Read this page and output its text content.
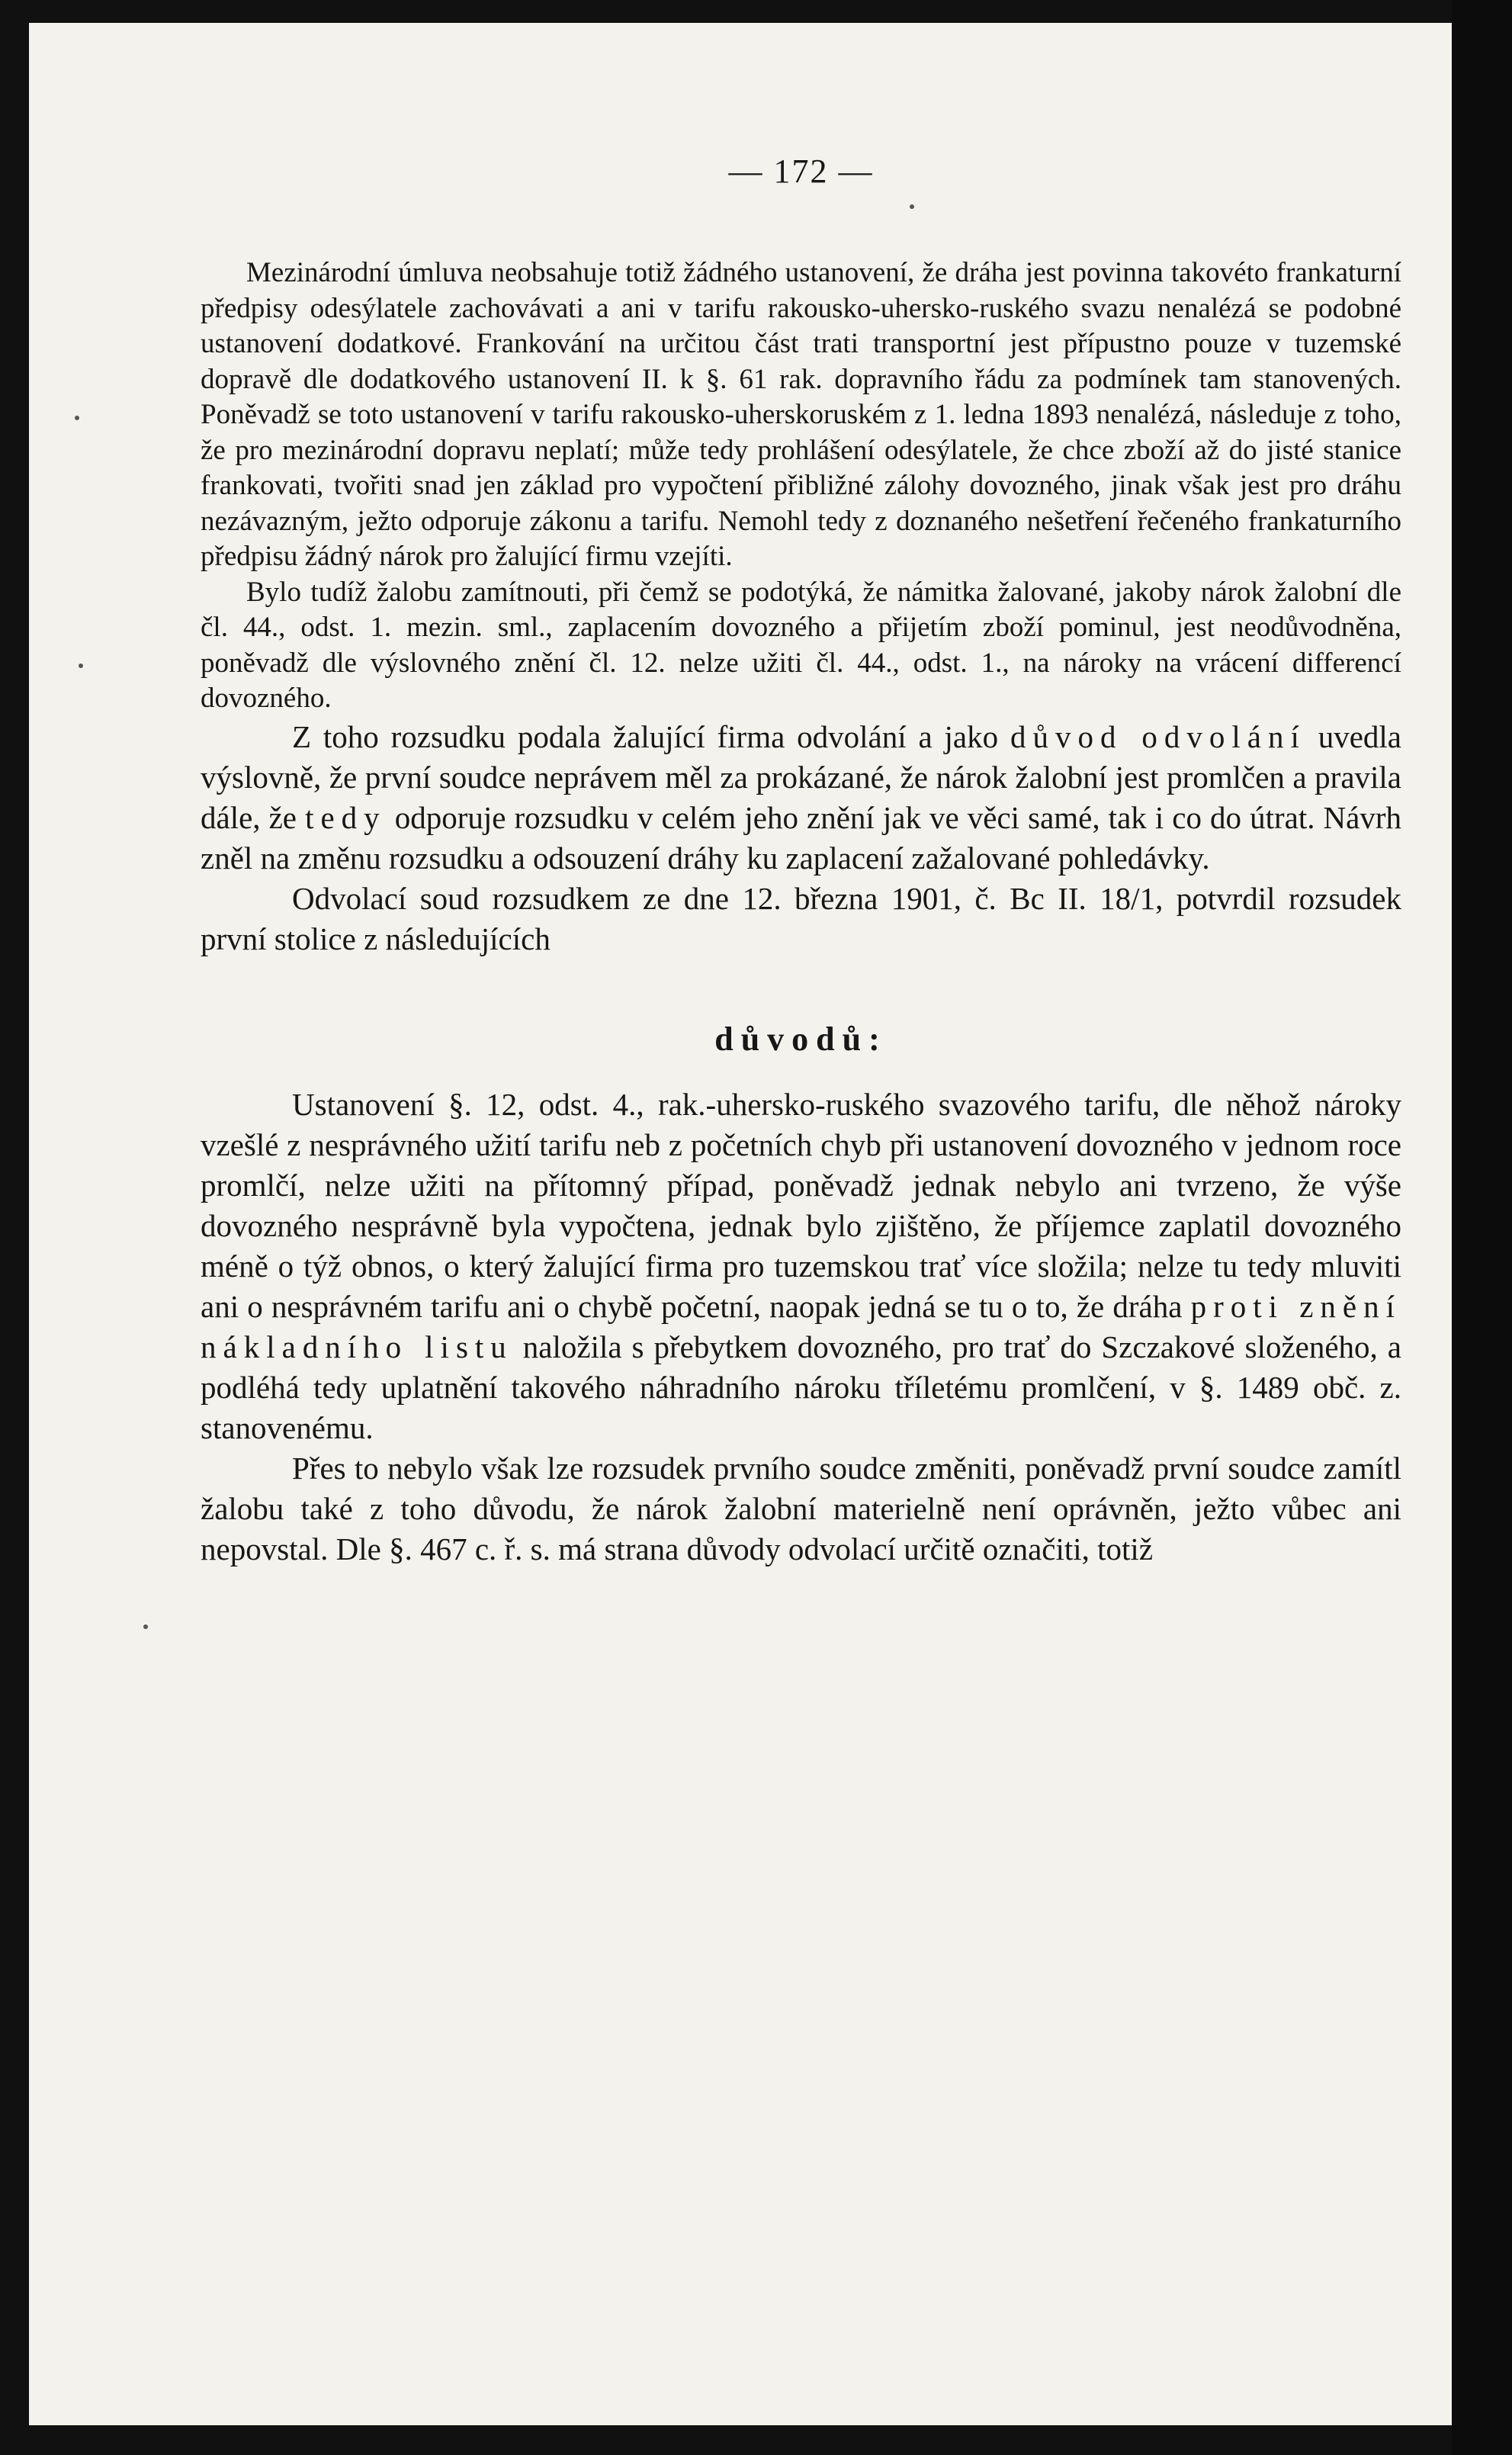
— 172 —

Mezinárodní úmluva neobsahuje totiž žádného ustanovení, že dráha jest povinna takovéto frankaturní předpisy odesýlatele zachovávati a ani v tarifu rakousko-uhersko-ruského svazu nenalézá se podobné ustanovení dodatkové. Frankování na určitou část trati transportní jest přípustno pouze v tuzemské dopravě dle dodatkového ustanovení II. k §. 61 rak. dopravního řádu za podmínek tam stanovených. Poněvadž se toto ustanovení v tarifu rakousko-uherskoruském z 1. ledna 1893 nenalézá, následuje z toho, že pro mezinárodní dopravu neplatí; může tedy prohlášení odesýlatele, že chce zboží až do jisté stanice frankovati, tvořiti snad jen základ pro vypočtení přibližné zálohy dovozného, jinak však jest pro dráhu nezávazným, ježto odporuje zákonu a tarifu. Nemohl tedy z doznaného nešetření řečeného frankaturního předpisu žádný nárok pro žalující firmu vzejíti.

Bylo tudíž žalobu zamítnouti, při čemž se podotýká, že námitka žalované, jakoby nárok žalobní dle čl. 44., odst. 1. mezin. sml., zaplacením dovozného a přijetím zboží pominul, jest neodůvodněna, poněvadž dle výslovného znění čl. 12. nelze užiti čl. 44., odst. 1., na nároky na vrácení differencí dovozného.

Z toho rozsudku podala žalující firma odvolání a jako důvod odvolání uvedla výslovně, že první soudce neprávem měl za prokázané, že nárok žalobní jest promlčen a pravila dále, že tedy odporuje rozsudku v celém jeho znění jak ve věci samé, tak i co do útrat. Návrh zněl na změnu rozsudku a odsouzení dráhy ku zaplacení zažalované pohledávky.

Odvolací soud rozsudkem ze dne 12. března 1901, č. Bc II. 18/1, potvrdil rozsudek první stolice z následujících

důvodů:

Ustanovení §. 12, odst. 4., rak.-uhersko-ruského svazového tarifu, dle něhož nároky vzešlé z nesprávného užití tarifu neb z početních chyb při ustanovení dovozného v jednom roce promlčí, nelze užiti na přítomný případ, poněvadž jednak nebylo ani tvrzeno, že výše dovozného nesprávně byla vypočtena, jednak bylo zjištěno, že příjemce zaplatil dovozného méně o týž obnos, o který žalující firma pro tuzemskou trať více složila; nelze tu tedy mluviti ani o nesprávném tarifu ani o chybě početní, naopak jedná se tu o to, že dráha proti znění nákladního listu naložila s přebytkem dovozného, pro trať do Szczakové složeného, a podléhá tedy uplatnění takového náhradního nároku tříletému promlčení, v §. 1489 obč. z. stanovenému.

Přes to nebylo však lze rozsudek prvního soudce změniti, poněvadž první soudce zamítl žalobu také z toho důvodu, že nárok žalobní materielně není oprávněn, ježto vůbec ani nepovstal. Dle §. 467 c. ř. s. má strana důvody odvolací určitě označiti, totiž
